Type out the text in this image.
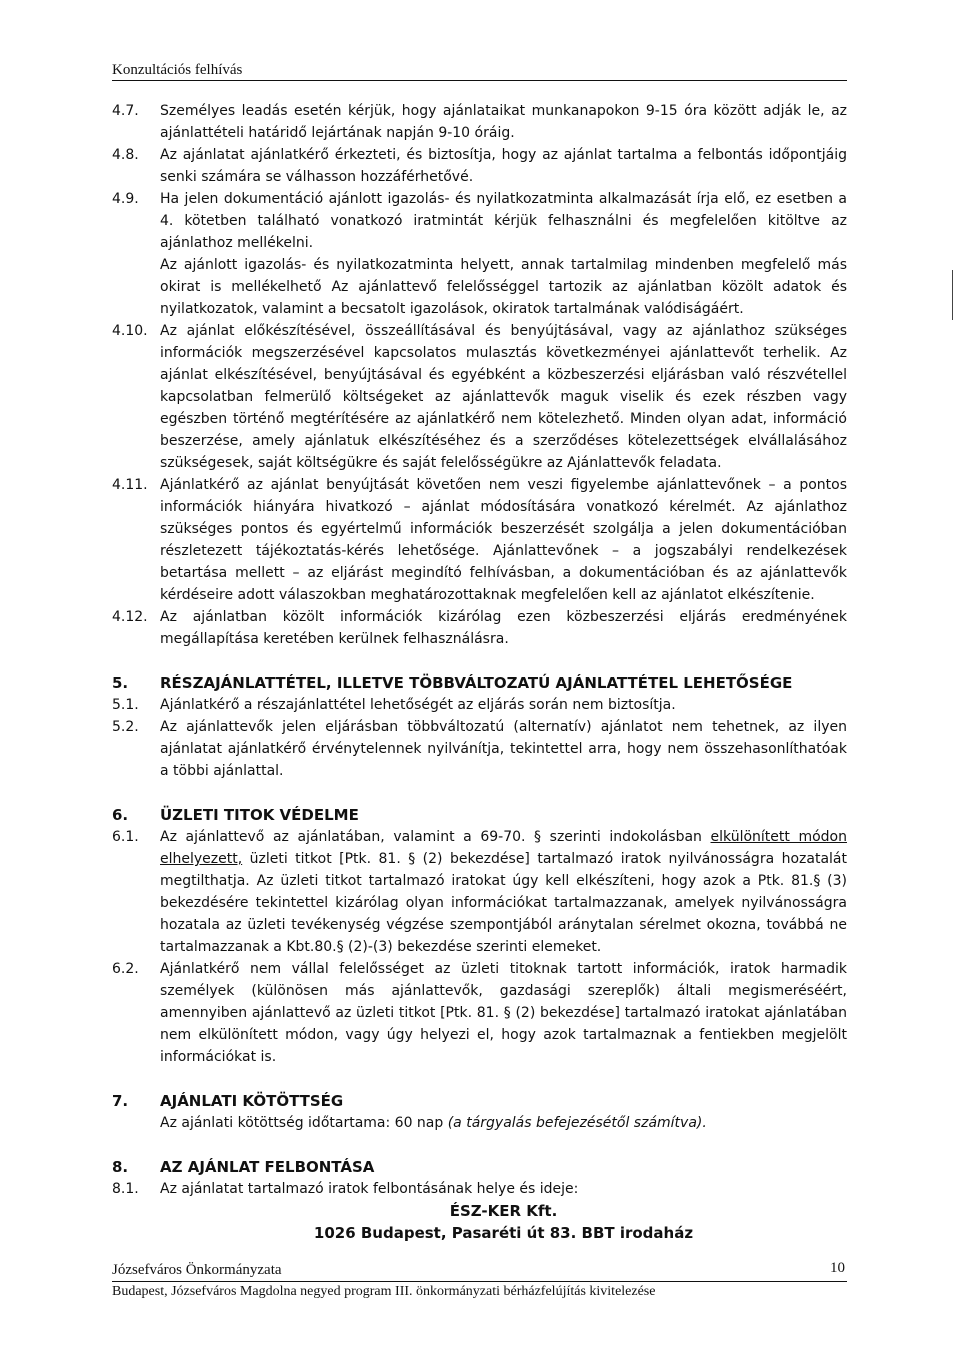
Konzultációs felhívás
4.7.	Személyes leadás esetén kérjük, hogy ajánlataikat munkanapokon 9-15 óra között adják le, az ajánlattételi határidő lejártának napján 9-10 óráig.
4.8.	Az ajánlatat ajánlatkérő érkezteti, és biztosítja, hogy az ajánlat tartalma a felbontás időpontjáig senki számára se válhasson hozzáférhetővé.
4.9.	Ha jelen dokumentáció ajánlott igazolás- és nyilatkozatminta alkalmazását írja elő, ez esetben a 4. kötetben található vonatkozó iratmintát kérjük felhasználni és megfelelően kitöltve az ajánlathoz mellékelni.
Az ajánlott igazolás- és nyilatkozatminta helyett, annak tartalmilag mindenben megfelelő más okirat is mellékelhető Az ajánlattevő felelősséggel tartozik az ajánlatban közölt adatok és nyilatkozatok, valamint a becsatolt igazolások, okiratok tartalmának valódiságáért.
4.10. Az ajánlat előkészítésével, összeállításával és benyújtásával, vagy az ajánlathoz szükséges információk megszerzésével kapcsolatos mulasztás következményei ajánlattevőt terhelik. Az ajánlat elkészítésével, benyújtásával és egyébként a közbeszerzési eljárásban való részvétellel kapcsolatban felmerülő költségeket az ajánlattevők maguk viselik és ezek részben vagy egészben történő megtérítésére az ajánlatkérő nem kötelezhető. Minden olyan adat, információ beszerzése, amely ajánlatuk elkészítéséhez és a szerződéses kötelezettségek elvállalásához szükségesek, saját költségükre és saját felelősségükre az Ajánlattevők feladata.
4.11. Ajánlatkérő az ajánlat benyújtását követően nem veszi figyelembe ajánlattevőnek – a pontos információk hiányára hivatkozó – ajánlat módosítására vonatkozó kérelmét. Az ajánlathoz szükséges pontos és egyértelmű információk beszerzését szolgálja a jelen dokumentációban részletezett tájékoztatás-kérés lehetősége. Ajánlattevőnek – a jogszabályi rendelkezések betartása mellett – az eljárást megindító felhívásban, a dokumentációban és az ajánlattevők kérdéseire adott válaszokban meghatározottaknak megfelelően kell az ajánlatot elkészítenie.
4.12. Az ajánlatban közölt információk kizárólag ezen közbeszerzési eljárás eredményének megállapítása keretében kerülnek felhasználásra.
5.	RÉSZAJÁNLATTÉTEL, ILLETVE TÖBBVÁLTOZATÚ AJÁNLATTÉTEL LEHETŐSÉGE
5.1.	Ajánlatkérő a részajánlattétel lehetőségét az eljárás során nem biztosítja.
5.2.	Az ajánlattevők jelen eljárásban többváltozatú (alternatív) ajánlatot nem tehetnek, az ilyen ajánlatat ajánlatkérő érvénytelennek nyilvánítja, tekintettel arra, hogy nem összehasonlíthatóak a többi ajánlattal.
6.	ÜZLETI TITOK VÉDELME
6.1.	Az ajánlattevő az ajánlatában, valamint a 69-70. § szerinti indokolásban elkülönített módon elhelyezett, üzleti titkot [Ptk. 81. § (2) bekezdése] tartalmazó iratok nyilvánosságra hozatalát megtilthatja. Az üzleti titkot tartalmazó iratokat úgy kell elkészíteni, hogy azok a Ptk. 81.§ (3) bekezdésére tekintettel kizárólag olyan információkat tartalmazzanak, amelyek nyilvánosságra hozatala az üzleti tevékenység végzése szempontjából aránytalan sérelmet okozna, továbbá ne tartalmazzanak a Kbt.80.§ (2)-(3) bekezdése szerinti elemeket.
6.2.	Ajánlatkérő nem vállal felelősséget az üzleti titoknak tartott információk, iratok harmadik személyek (különösen más ajánlattevők, gazdasági szereplők) általi megismeréséért, amennyiben ajánlattevő az üzleti titkot [Ptk. 81. § (2) bekezdése] tartalmazó iratokat ajánlatában nem elkülönített módon, vagy úgy helyezi el, hogy azok tartalmaznak a fentiekben megjelölt információkat is.
7.	AJÁNLATI KÖTÖTTSÉG
Az ajánlati kötöttség időtartama: 60 nap (a tárgyalás befejezésétől számítva).
8.	AZ AJÁNLAT FELBONTÁSA
8.1.	Az ajánlatat tartalmazó iratok felbontásának helye és ideje:
ÉSZ-KER Kft.
1026 Budapest, Pasaréti út 83. BBT irodaház
Józsefváros Önkormányzata	10
Budapest, Józsefváros Magdolna negyed program III. önkormányzati bérházfelújítás kivitelezése
